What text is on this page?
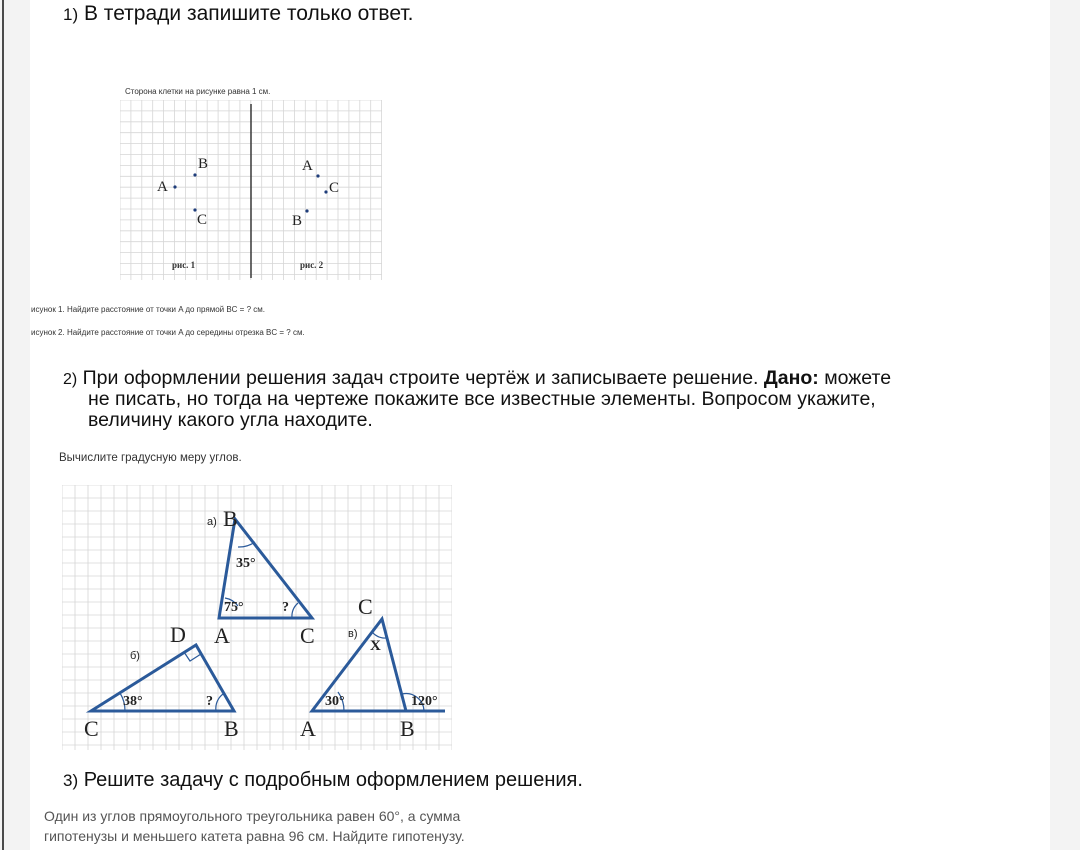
1) В тетради запишите только ответ.
Сторона клетки на рисунке равна 1 см.
A
B
C
рис. 1
A
C
B
рис. 2
исунок 1. Найдите расстояние от точки A до прямой BC = ? см.
исунок 2. Найдите расстояние от точки A до середины отрезка BC = ? см.
2) При оформлении решения задач строите чертёж и записываете решение. Дано: можете
не писать, но тогда на чертеже покажите все известные элементы. Вопросом укажите,
величину какого угла находите.
Вычислите градусную меру углов.
а) B
A	C
35°
75°	?
б)
D
C	B
38°	?
в)
C
A	B
X
30°	120°
3) Решите задачу с подробным оформлением решения.
Один из углов прямоугольного треугольника равен 60°, а сумма
гипотенузы и меньшего катета равна 96 см. Найдите гипотенузу.
